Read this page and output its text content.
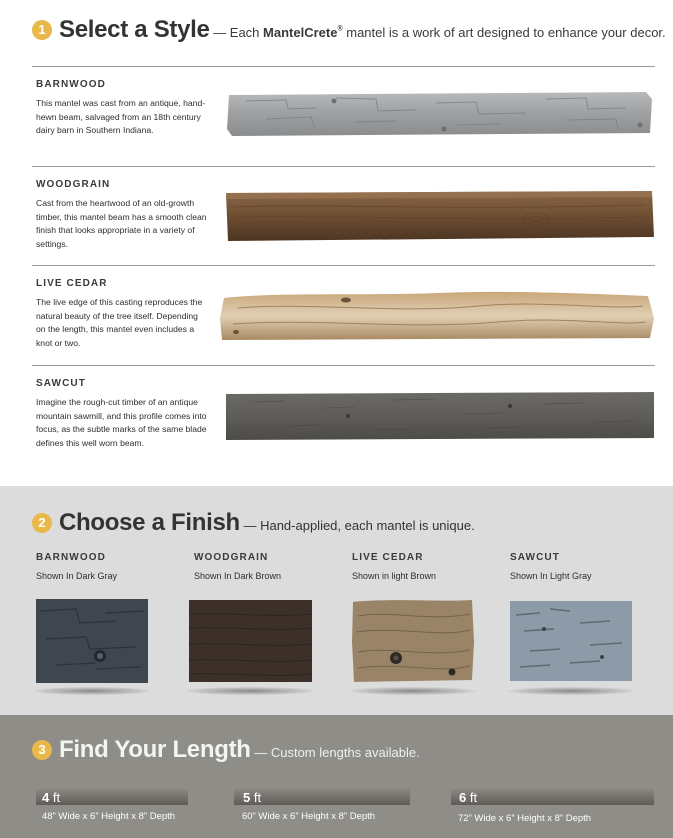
1 Select a Style — Each MantelCrete® mantel is a work of art designed to enhance your decor.
BARNWOOD
This mantel was cast from an antique, hand-hewn beam, salvaged from an 18th century dairy barn in Southern Indiana.
WOODGRAIN
Cast from the heartwood of an old-growth timber, this mantel beam has a smooth clean finish that looks appropriate in a variety of settings.
LIVE CEDAR
The live edge of this casting reproduces the natural beauty of the tree itself. Depending on the length, this mantel even includes a knot or two.
SAWCUT
Imagine the rough-cut timber of an antique mountain sawmill, and this profile comes into focus, as the subtle marks of the same blade defines this well worn beam.
2 Choose a Finish — Hand-applied, each mantel is unique.
BARNWOOD
Shown In Dark Gray
WOODGRAIN
Shown In Dark Brown
LIVE CEDAR
Shown in light Brown
SAWCUT
Shown In Light Gray
3 Find Your Length — Custom lengths available.
4 ft
48” Wide x 6” Height x 8” Depth
5 ft
60” Wide x 6” Height x 8” Depth
6 ft
72” Wide x 6” Height x 8” Depth
